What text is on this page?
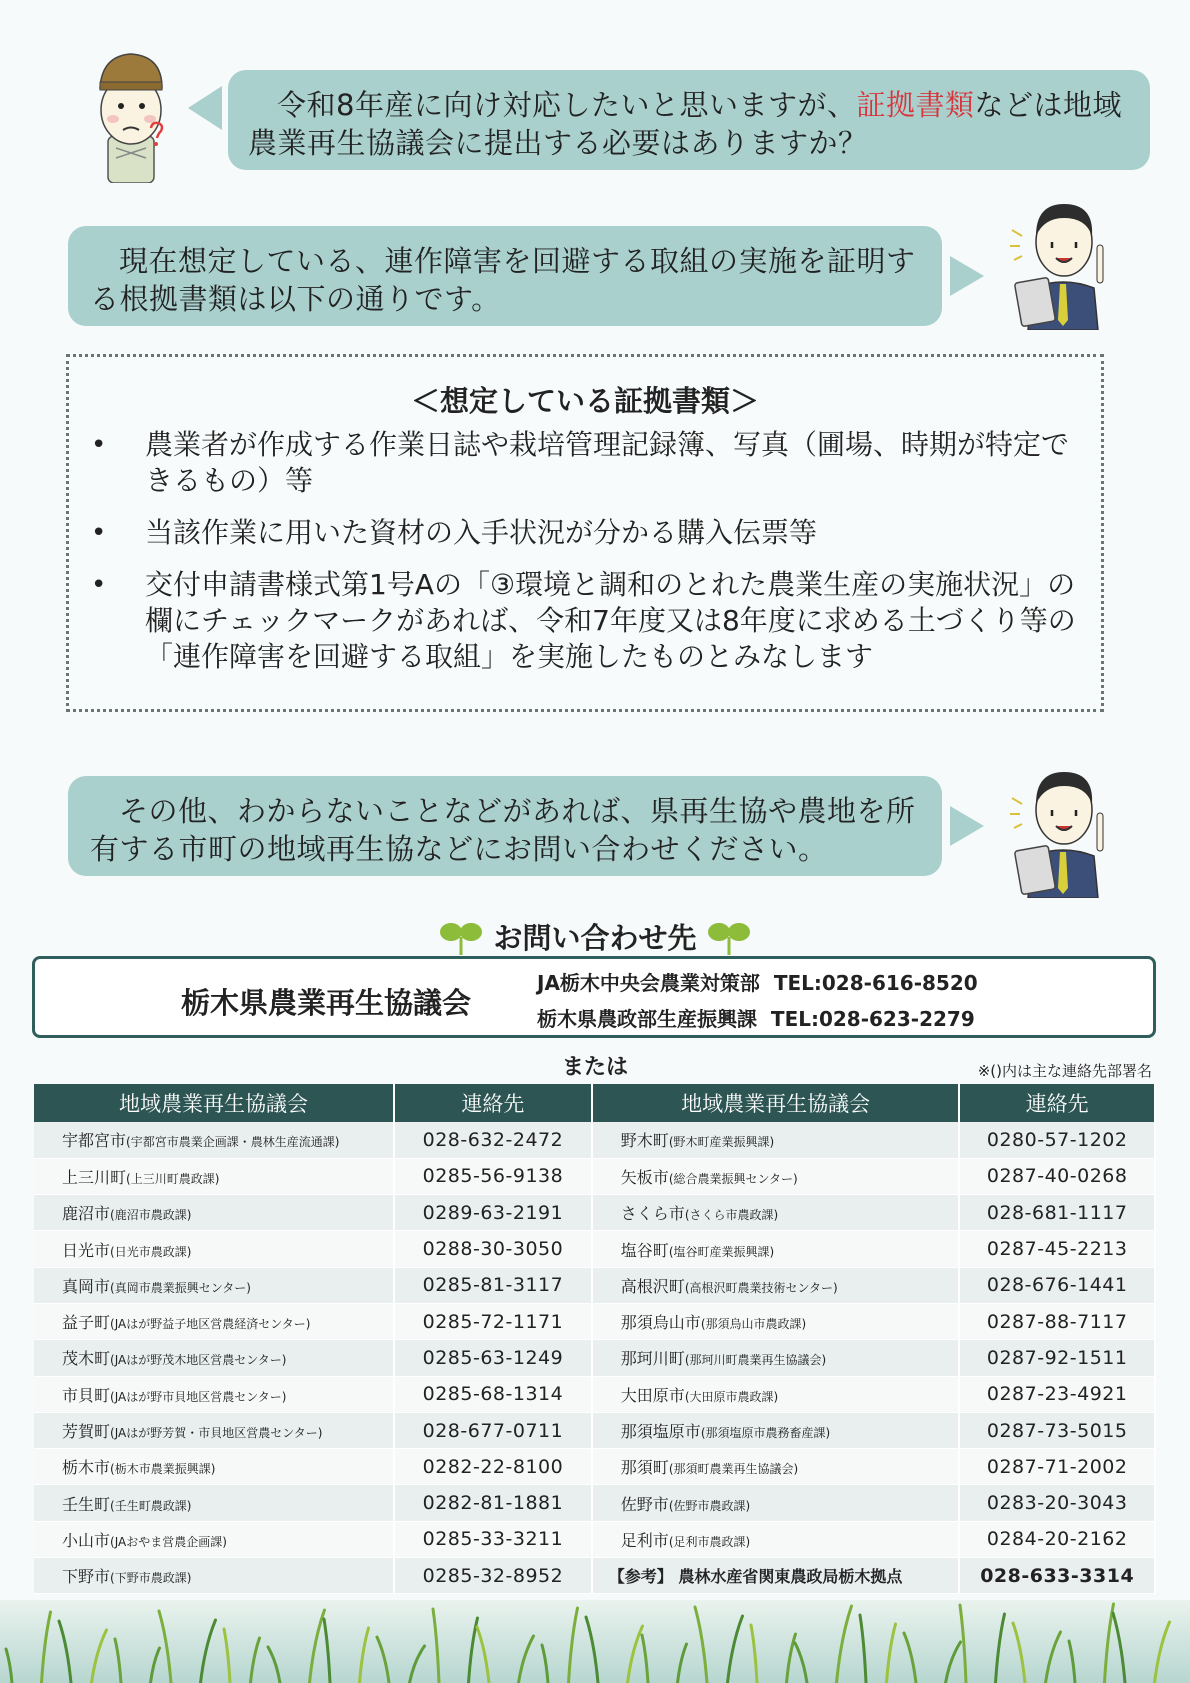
令和8年産に向け対応したいと思いますが、証拠書類などは地域農業再生協議会に提出する必要はありますか？
現在想定している、連作障害を回避する取組の実施を証明する根拠書類は以下の通りです。
＜想定している証拠書類＞
• 農業者が作成する作業日誌や栽培管理記録簿、写真（圃場、時期が特定できるもの）等
• 当該作業に用いた資材の入手状況が分かる購入伝票等
• 交付申請書様式第1号Aの「③環境と調和のとれた農業生産の実施状況」の欄にチェックマークがあれば、令和7年度又は8年度に求める土づくり等の「連作障害を回避する取組」を実施したものとみなします
その他、わからないことなどがあれば、県再生協や農地を所有する市町の地域再生協などにお問い合わせください。
お問い合わせ先
栃木県農業再生協議会
JA栃木中央会農業対策部  TEL:028-616-8520
栃木県農政部生産振興課  TEL:028-623-2279
または	※()内は主な連絡先部署名
地域農業再生協議会	連絡先	地域農業再生協議会	連絡先
宇都宮市(宇都宮市農業企画課・農林生産流通課)	028-632-2472	野木町(野木町産業振興課)	0280-57-1202
上三川町(上三川町農政課)	0285-56-9138	矢板市(総合農業振興センター)	0287-40-0268
鹿沼市(鹿沼市農政課)	0289-63-2191	さくら市(さくら市農政課)	028-681-1117
日光市(日光市農政課)	0288-30-3050	塩谷町(塩谷町産業振興課)	0287-45-2213
真岡市(真岡市農業振興センター)	0285-81-3117	高根沢町(高根沢町農業技術センター)	028-676-1441
益子町(JAはが野益子地区営農経済センター)	0285-72-1171	那須烏山市(那須烏山市農政課)	0287-88-7117
茂木町(JAはが野茂木地区営農センター)	0285-63-1249	那珂川町(那珂川町農業再生協議会)	0287-92-1511
市貝町(JAはが野市貝地区営農センター)	0285-68-1314	大田原市(大田原市農政課)	0287-23-4921
芳賀町(JAはが野芳賀・市貝地区営農センター)	028-677-0711	那須塩原市(那須塩原市農務畜産課)	0287-73-5015
栃木市(栃木市農業振興課)	0282-22-8100	那須町(那須町農業再生協議会)	0287-71-2002
壬生町(壬生町農政課)	0282-81-1881	佐野市(佐野市農政課)	0283-20-3043
小山市(JAおやま営農企画課)	0285-33-3211	足利市(足利市農政課)	0284-20-2162
下野市(下野市農政課)	0285-32-8952	【参考】 農林水産省関東農政局栃木拠点	028-633-3314
